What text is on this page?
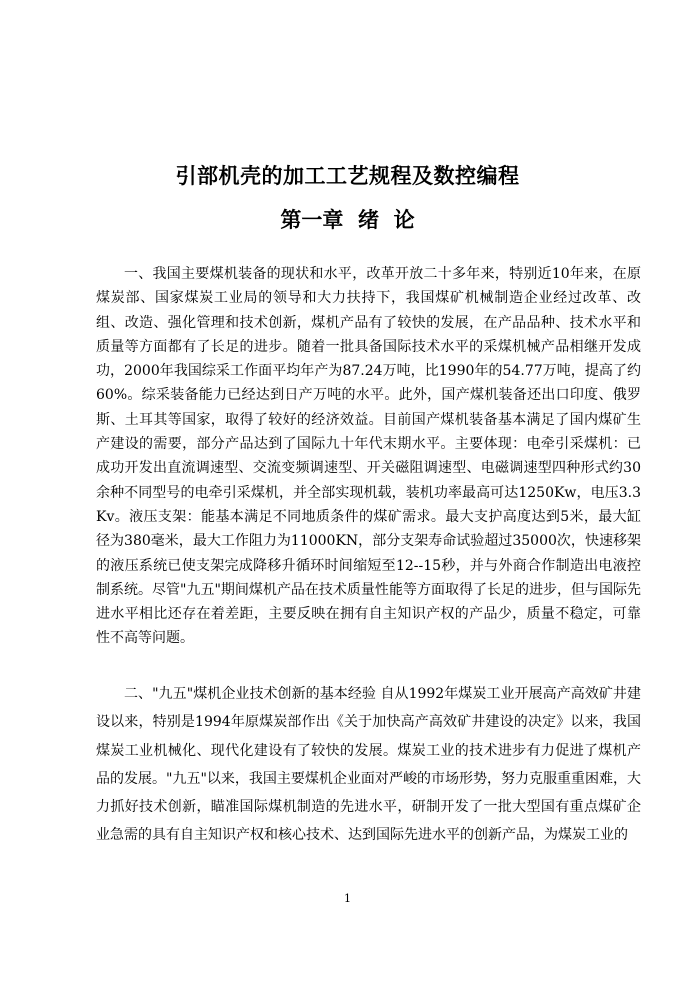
引部机壳的加工工艺规程及数控编程
第一章  绪  论

一、我国主要煤机装备的现状和水平，改革开放二十多年来，特别近10年来，在原煤炭部、国家煤炭工业局的领导和大力扶持下，我国煤矿机械制造企业经过改革、改组、改造、强化管理和技术创新，煤机产品有了较快的发展，在产品品种、技术水平和质量等方面都有了长足的进步。随着一批具备国际技术水平的采煤机械产品相继开发成功，2000年我国综采工作面平均年产为87.24万吨，比1990年的54.77万吨，提高了约60%。综采装备能力已经达到日产万吨的水平。此外，国产煤机装备还出口印度、俄罗斯、土耳其等国家，取得了较好的经济效益。目前国产煤机装备基本满足了国内煤矿生产建设的需要，部分产品达到了国际九十年代末期水平。主要体现：电牵引采煤机：已成功开发出直流调速型、交流变频调速型、开关磁阻调速型、电磁调速型四种形式约30余种不同型号的电牵引采煤机，并全部实现机载，装机功率最高可达1250Kw，电压3.3Kv。液压支架：能基本满足不同地质条件的煤矿需求。最大支护高度达到5米，最大缸径为380毫米，最大工作阻力为11000KN，部分支架寿命试验超过35000次，快速移架的液压系统已使支架完成降移升循环时间缩短至12--15秒，并与外商合作制造出电液控制系统。尽管"九五"期间煤机产品在技术质量性能等方面取得了长足的进步，但与国际先进水平相比还存在着差距，主要反映在拥有自主知识产权的产品少，质量不稳定，可靠性不高等问题。

二、"九五"煤机企业技术创新的基本经验 自从1992年煤炭工业开展高产高效矿井建设以来，特别是1994年原煤炭部作出《关于加快高产高效矿井建设的决定》以来，我国煤炭工业机械化、现代化建设有了较快的发展。煤炭工业的技术进步有力促进了煤机产品的发展。"九五"以来，我国主要煤机企业面对严峻的市场形势，努力克服重重困难，大力抓好技术创新，瞄准国际煤机制造的先进水平，研制开发了一批大型国有重点煤矿企业急需的具有自主知识产权和核心技术、达到国际先进水平的创新产品，为煤炭工业的

1
